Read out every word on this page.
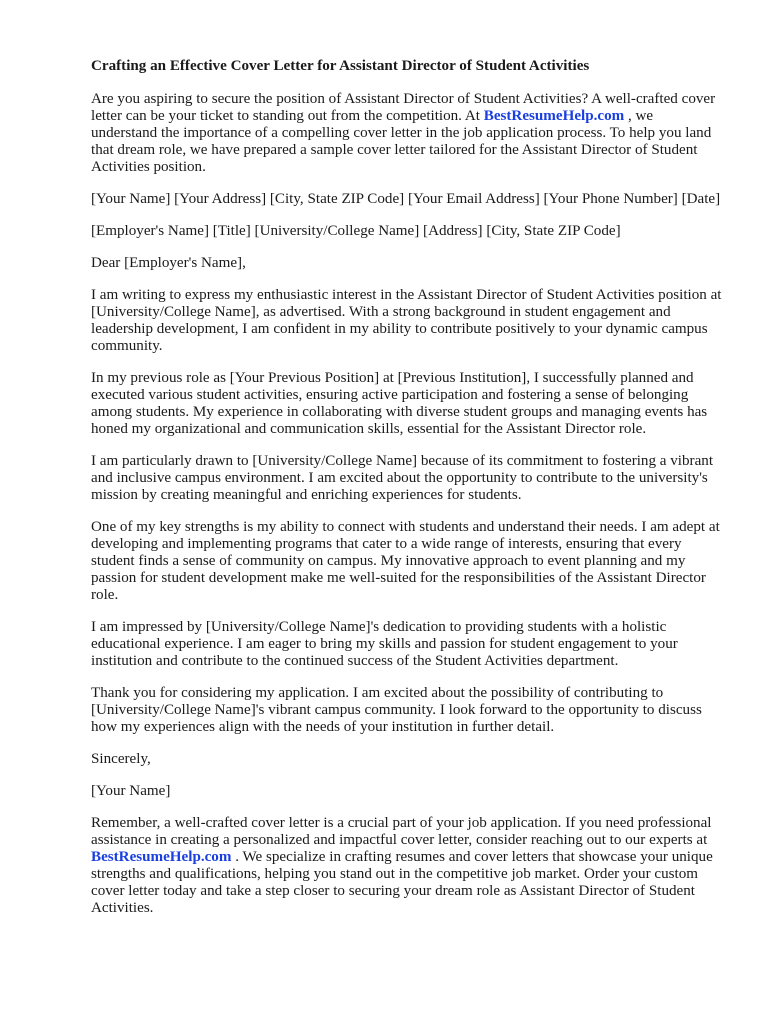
Crafting an Effective Cover Letter for Assistant Director of Student Activities

Are you aspiring to secure the position of Assistant Director of Student Activities? A well-crafted cover letter can be your ticket to standing out from the competition. At BestResumeHelp.com , we understand the importance of a compelling cover letter in the job application process. To help you land that dream role, we have prepared a sample cover letter tailored for the Assistant Director of Student Activities position.

[Your Name] [Your Address] [City, State ZIP Code] [Your Email Address] [Your Phone Number] [Date]

[Employer's Name] [Title] [University/College Name] [Address] [City, State ZIP Code]

Dear [Employer's Name],

I am writing to express my enthusiastic interest in the Assistant Director of Student Activities position at [University/College Name], as advertised. With a strong background in student engagement and leadership development, I am confident in my ability to contribute positively to your dynamic campus community.

In my previous role as [Your Previous Position] at [Previous Institution], I successfully planned and executed various student activities, ensuring active participation and fostering a sense of belonging among students. My experience in collaborating with diverse student groups and managing events has honed my organizational and communication skills, essential for the Assistant Director role.

I am particularly drawn to [University/College Name] because of its commitment to fostering a vibrant and inclusive campus environment. I am excited about the opportunity to contribute to the university's mission by creating meaningful and enriching experiences for students.

One of my key strengths is my ability to connect with students and understand their needs. I am adept at developing and implementing programs that cater to a wide range of interests, ensuring that every student finds a sense of community on campus. My innovative approach to event planning and my passion for student development make me well-suited for the responsibilities of the Assistant Director role.

I am impressed by [University/College Name]'s dedication to providing students with a holistic educational experience. I am eager to bring my skills and passion for student engagement to your institution and contribute to the continued success of the Student Activities department.

Thank you for considering my application. I am excited about the possibility of contributing to [University/College Name]'s vibrant campus community. I look forward to the opportunity to discuss how my experiences align with the needs of your institution in further detail.

Sincerely,

[Your Name]

Remember, a well-crafted cover letter is a crucial part of your job application. If you need professional assistance in creating a personalized and impactful cover letter, consider reaching out to our experts at BestResumeHelp.com . We specialize in crafting resumes and cover letters that showcase your unique strengths and qualifications, helping you stand out in the competitive job market. Order your custom cover letter today and take a step closer to securing your dream role as Assistant Director of Student Activities.
